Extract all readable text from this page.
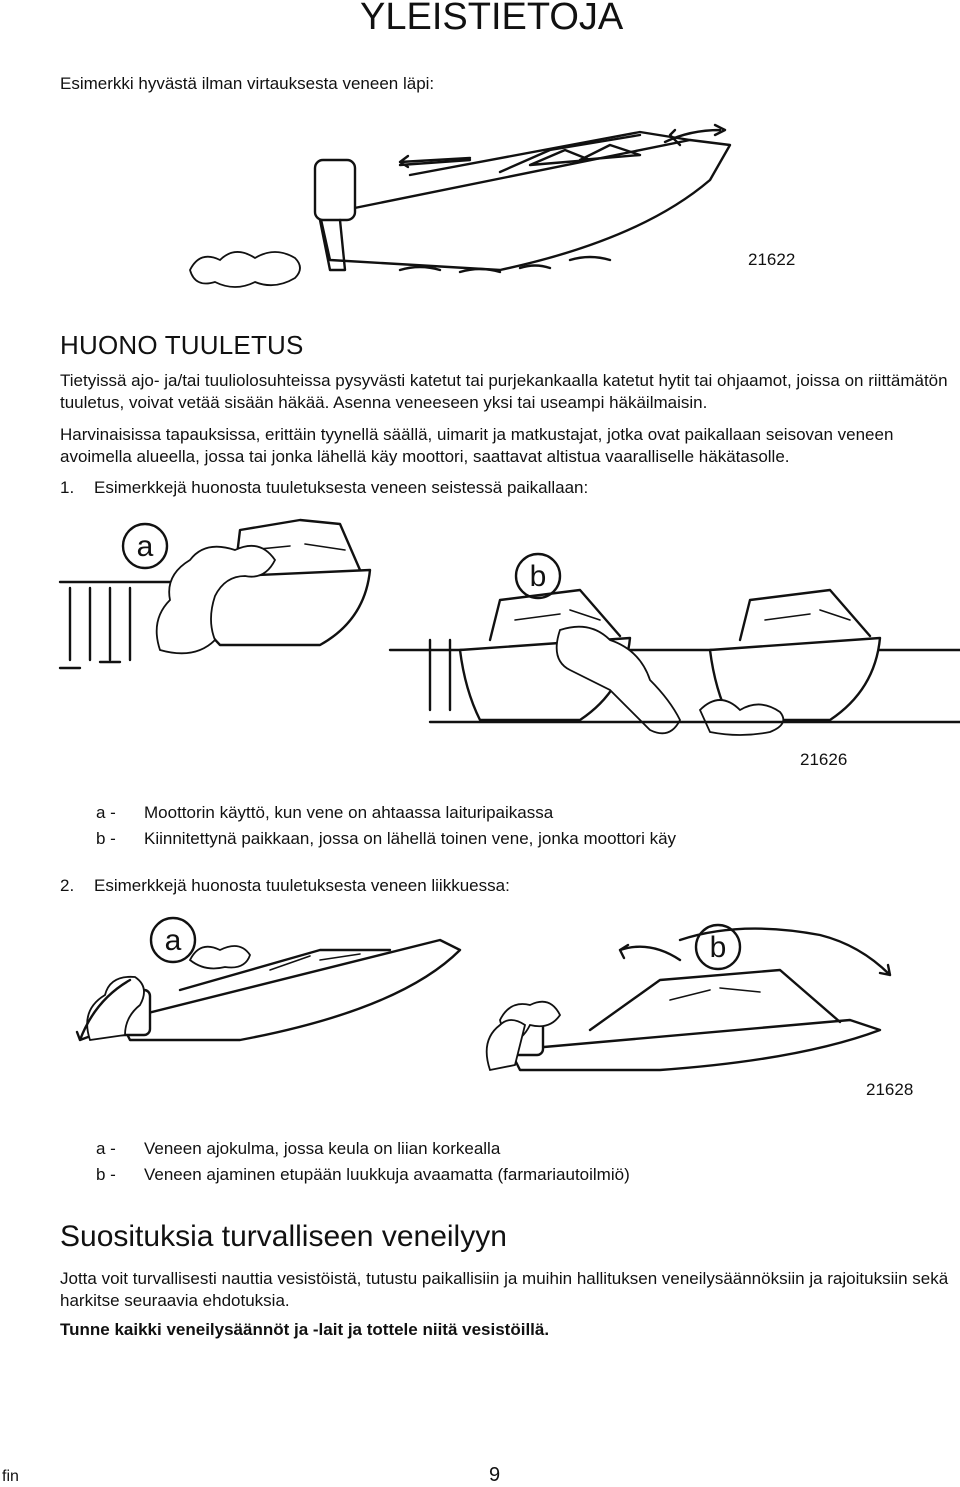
YLEISTIETOJA
Esimerkki hyvästä ilman virtauksesta veneen läpi:
21622
HUONO TUULETUS

Tietyissä ajo- ja/tai tuuliolosuhteissa pysyvästi katetut tai purjekankaalla katetut hytit tai ohjaamot, joissa on riittämätön tuuletus, voivat vetää sisään häkää. Asenna veneeseen yksi tai useampi häkäilmaisin.

Harvinaisissa tapauksissa, erittäin tyynellä säällä, uimarit ja matkustajat, jotka ovat paikallaan seisovan veneen avoimella alueella, jossa tai jonka lähellä käy moottori, saattavat altistua vaaralliselle häkätasolle.

1. Esimerkkejä huonosta tuuletuksesta veneen seistessä paikallaan:
a
b
21626
a - Moottorin käyttö, kun vene on ahtaassa laituripaikassa
b - Kiinnitettynä paikkaan, jossa on lähellä toinen vene, jonka moottori käy
2. Esimerkkejä huonosta tuuletuksesta veneen liikkuessa:
a	b
21628
a - Veneen ajokulma, jossa keula on liian korkealla
b - Veneen ajaminen etupään luukkuja avaamatta (farmariautoilmiö)
Suosituksia turvalliseen veneilyyn

Jotta voit turvallisesti nauttia vesistöistä, tutustu paikallisiin ja muihin hallituksen veneilysäännöksiin ja rajoituksiin sekä harkitse seuraavia ehdotuksia.

Tunne kaikki veneilysäännöt ja -lait ja tottele niitä vesistöillä.
fin	9
